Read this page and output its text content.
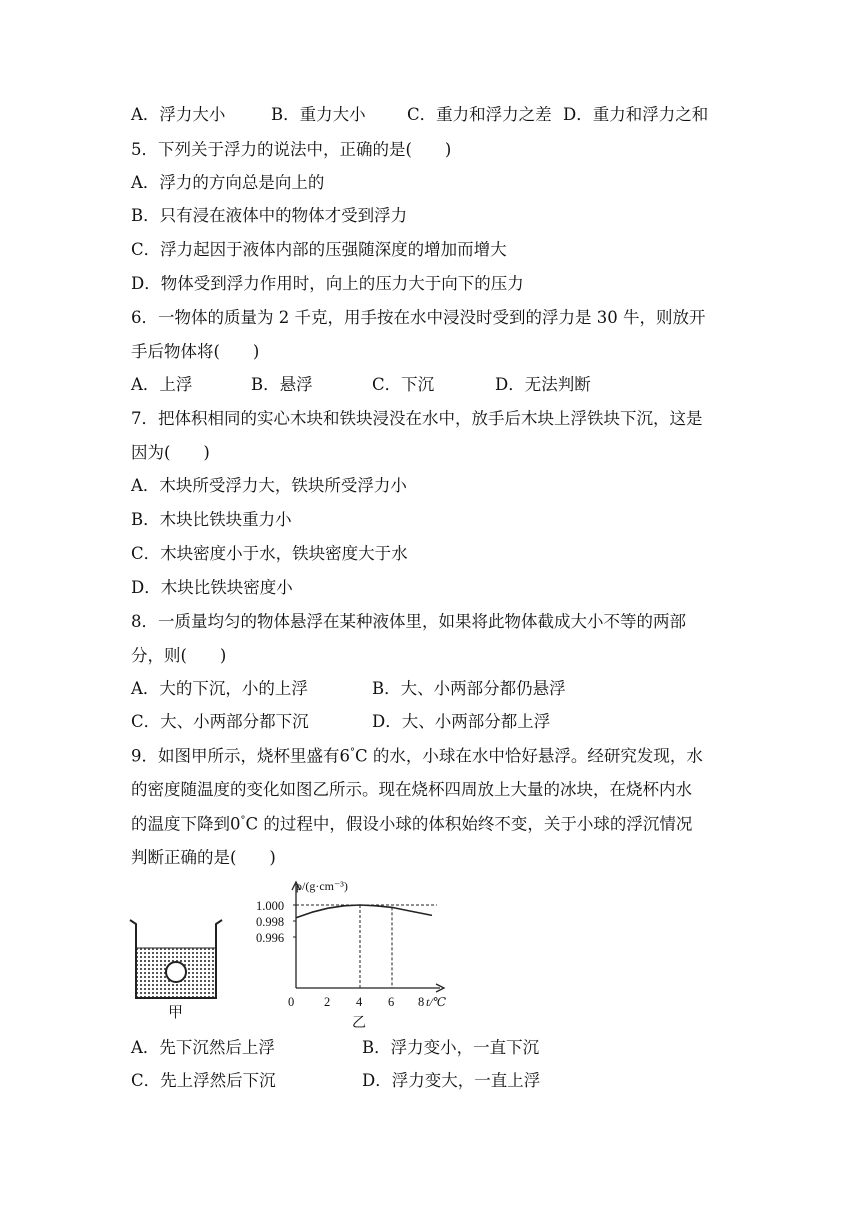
A．浮力大小	B．重力大小	C．重力和浮力之差 D．重力和浮力之和
5．下列关于浮力的说法中，正确的是(　　)
A．浮力的方向总是向上的
B．只有浸在液体中的物体才受到浮力
C．浮力起因于液体内部的压强随深度的增加而增大
D．物体受到浮力作用时，向上的压力大于向下的压力
6．一物体的质量为 2 千克，用手按在水中浸没时受到的浮力是 30 牛，则放开
手后物体将(　　)
A．上浮	B．悬浮	C．下沉	D．无法判断
7．把体积相同的实心木块和铁块浸没在水中，放手后木块上浮铁块下沉，这是
因为(　　)
A．木块所受浮力大，铁块所受浮力小
B．木块比铁块重力小
C．木块密度小于水，铁块密度大于水
D．木块比铁块密度小
8．一质量均匀的物体悬浮在某种液体里，如果将此物体截成大小不等的两部
分，则(　　)
A．大的下沉，小的上浮	B．大、小两部分都仍悬浮
C．大、小两部分都下沉	D．大、小两部分都上浮
9．如图甲所示，烧杯里盛有6°C 的水，小球在水中恰好悬浮。经研究发现，水
的密度随温度的变化如图乙所示。现在烧杯四周放上大量的冰块，在烧杯内水
的温度下降到0°C 的过程中，假设小球的体积始终不变，关于小球的浮沉情况
判断正确的是(　　)
甲
ρ/(g·cm⁻³)
t/℃
1.000
0.998
0.996
0 2 4 6 8
乙
A．先下沉然后上浮	B．浮力变小，一直下沉
C．先上浮然后下沉	D．浮力变大，一直上浮
